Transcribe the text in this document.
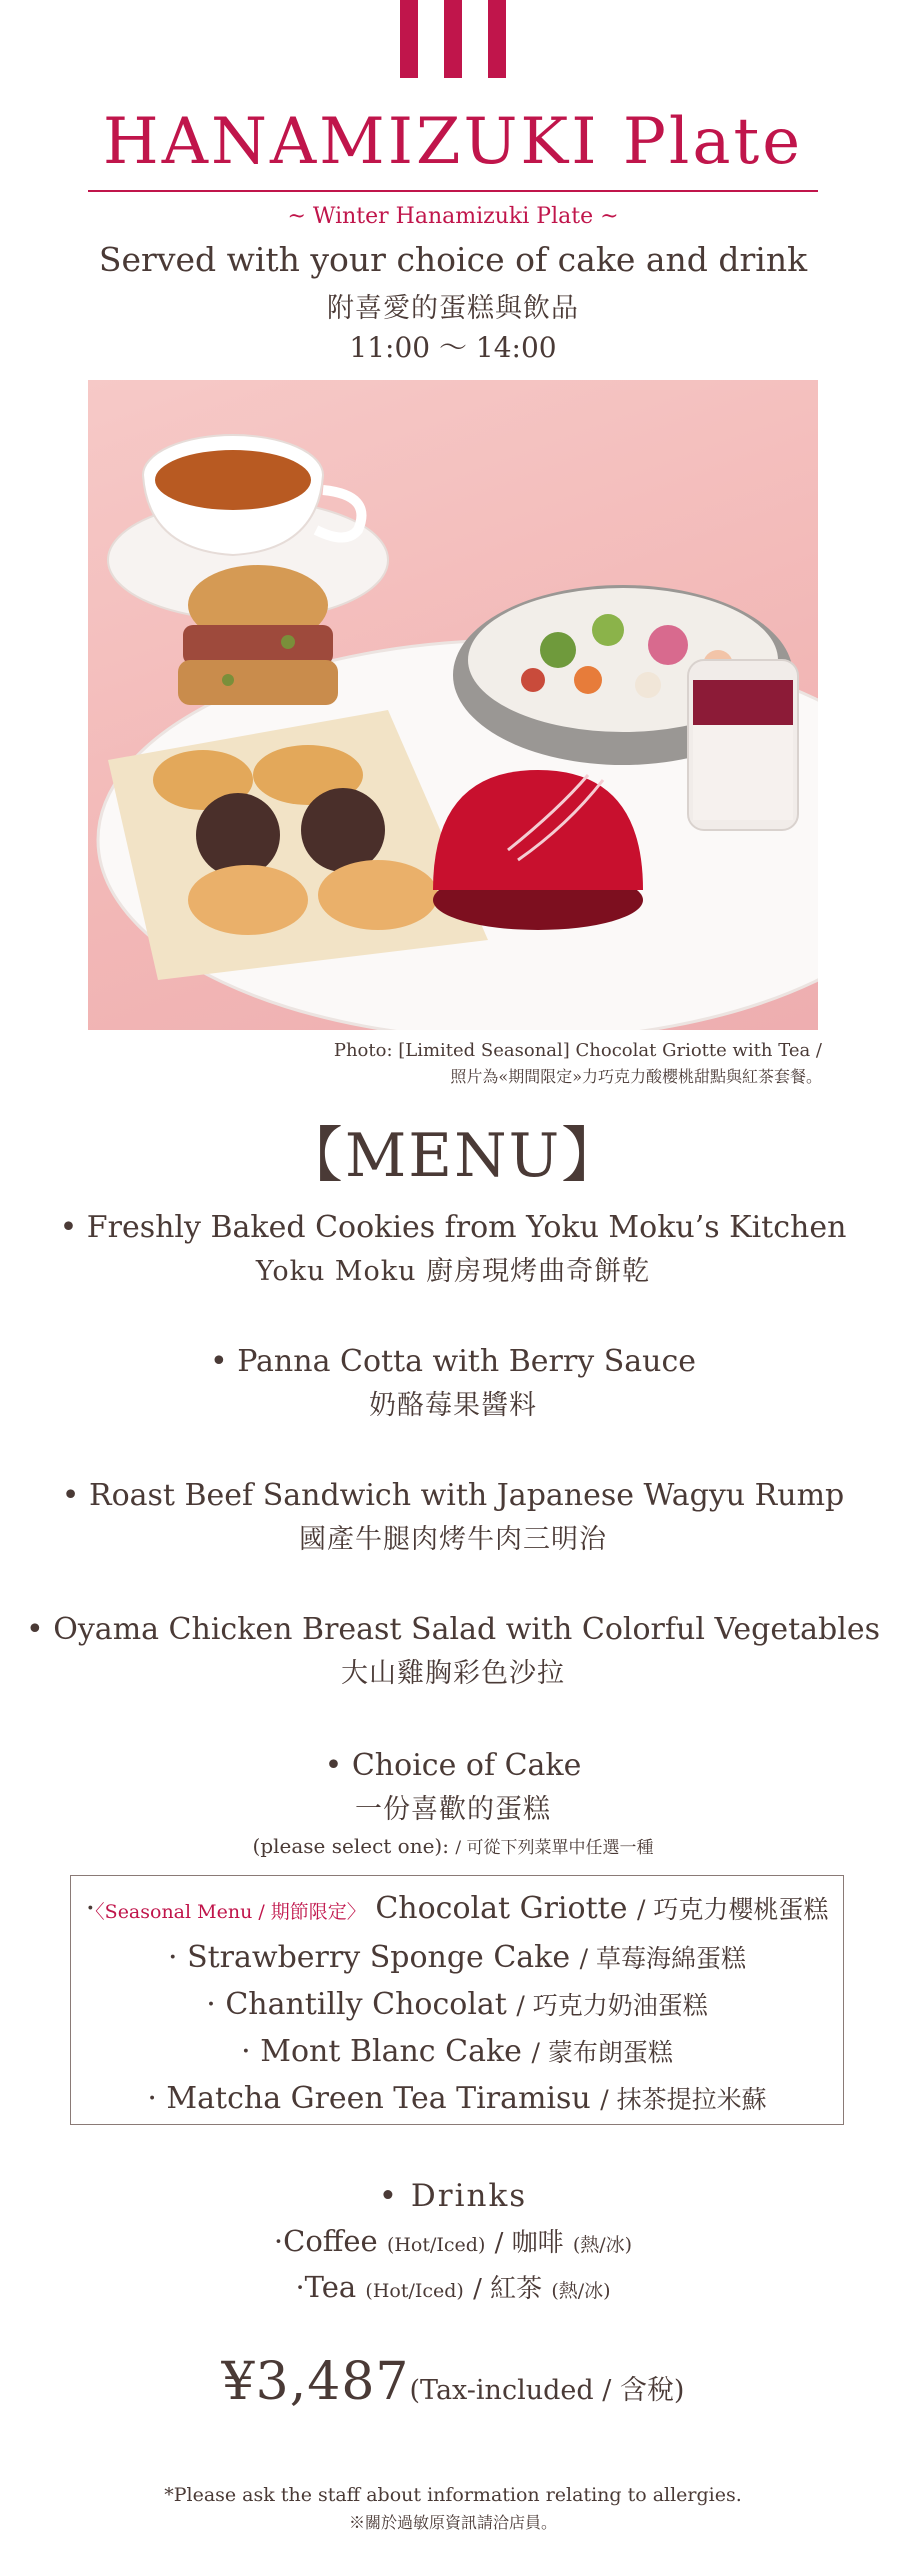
HANAMIZUKI Plate
~ Winter Hanamizuki Plate ~
Served with your choice of cake and drink
附喜愛的蛋糕與飲品
11:00 〜 14:00
Photo: [Limited Seasonal] Chocolat Griotte with Tea /
照片為«期間限定»力巧克力酸櫻桃甜點與紅茶套餐。
【MENU】
• Freshly Baked Cookies from Yoku Moku’s Kitchen
Yoku Moku 廚房現烤曲奇餅乾
• Panna Cotta with Berry Sauce
奶酪莓果醬料
• Roast Beef Sandwich with Japanese Wagyu Rump
國產牛腿肉烤牛肉三明治
• Oyama Chicken Breast Salad with Colorful Vegetables
大山雞胸彩色沙拉
• Choice of Cake
一份喜歡的蛋糕
(please select one): / 可從下列菜單中任選一種
·〈Seasonal Menu / 期節限定〉 Chocolat Griotte / 巧克力櫻桃蛋糕
· Strawberry Sponge Cake / 草莓海綿蛋糕
· Chantilly Chocolat / 巧克力奶油蛋糕
· Mont Blanc Cake / 蒙布朗蛋糕
· Matcha Green Tea Tiramisu / 抹茶提拉米蘇
• Drinks
·Coffee (Hot/Iced) / 咖啡 (熱/冰)
·Tea (Hot/Iced) / 紅茶 (熱/冰)
¥3,487(Tax-included / 含稅)
*Please ask the staff about information relating to allergies.
※關於過敏原資訊請洽店員。
